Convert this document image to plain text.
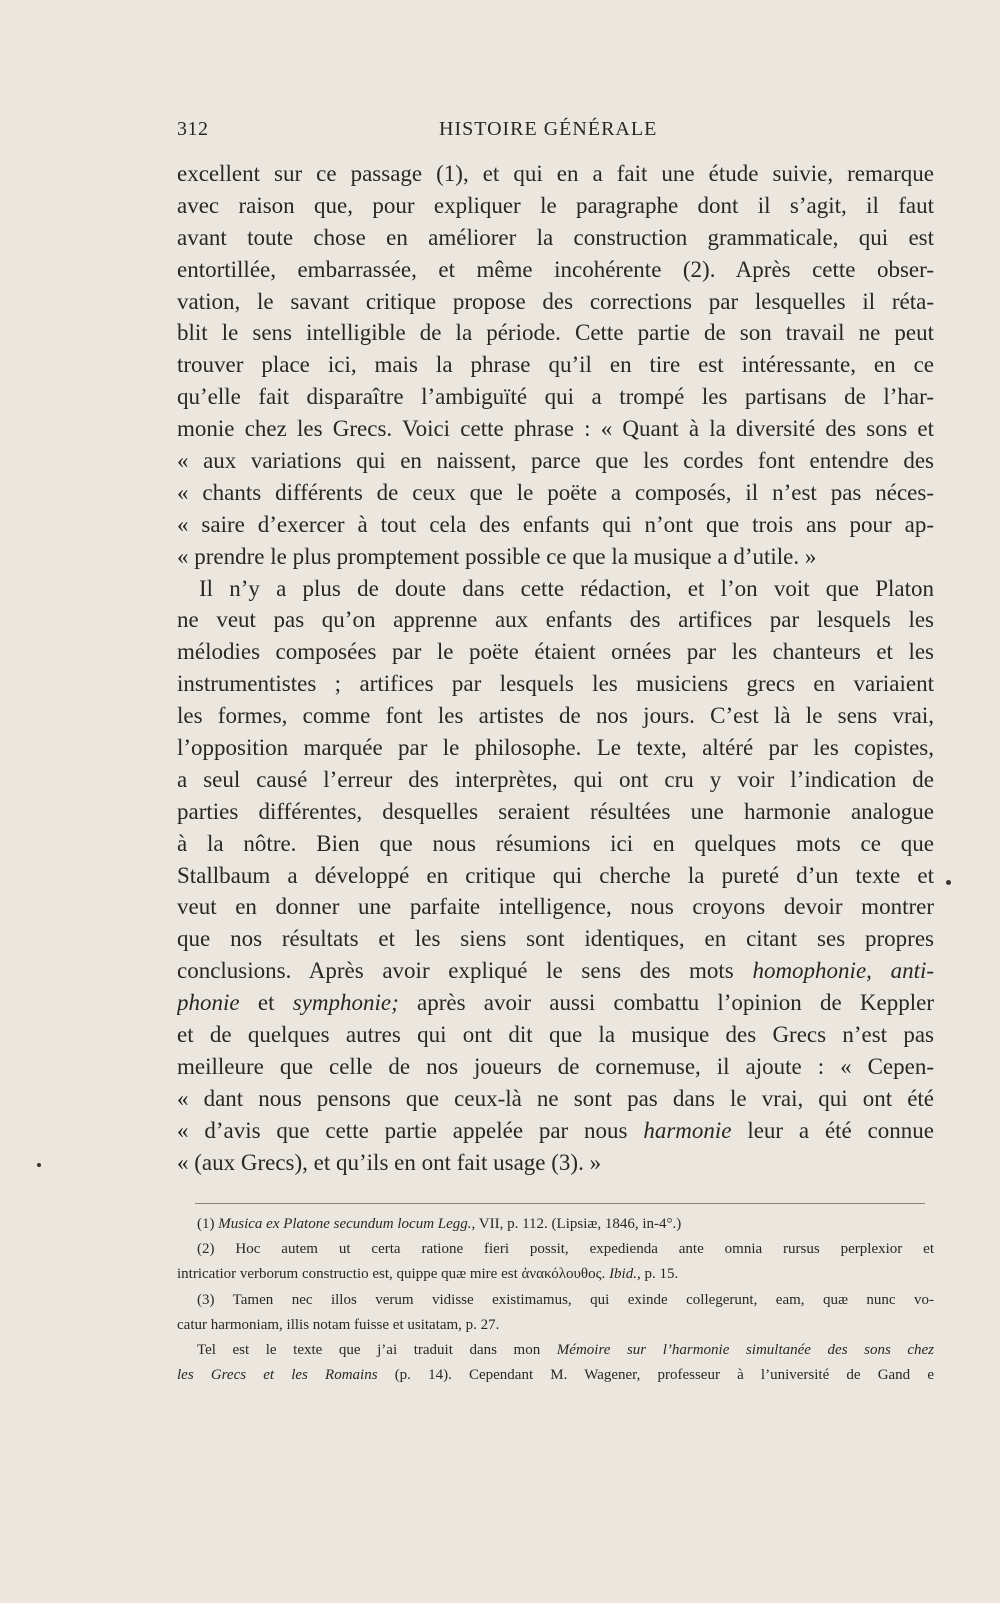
312	HISTOIRE GÉNÉRALE
excellent sur ce passage (1), et qui en a fait une étude suivie, remarque
avec raison que, pour expliquer le paragraphe dont il s’agit, il faut
avant toute chose en améliorer la construction grammaticale, qui est
entortillée, embarrassée, et même incohérente (2). Après cette obser-
vation, le savant critique propose des corrections par lesquelles il réta-
blit le sens intelligible de la période. Cette partie de son travail ne peut
trouver place ici, mais la phrase qu’il en tire est intéressante, en ce
qu’elle fait disparaître l’ambiguïté qui a trompé les partisans de l’har-
monie chez les Grecs. Voici cette phrase : « Quant à la diversité des sons et
« aux variations qui en naissent, parce que les cordes font entendre des
« chants différents de ceux que le poëte a composés, il n’est pas néces-
« saire d’exercer à tout cela des enfants qui n’ont que trois ans pour ap-
« prendre le plus promptement possible ce que la musique a d’utile. »
Il n’y a plus de doute dans cette rédaction, et l’on voit que Platon
ne veut pas qu’on apprenne aux enfants des artifices par lesquels les
mélodies composées par le poëte étaient ornées par les chanteurs et les
instrumentistes ; artifices par lesquels les musiciens grecs en variaient
les formes, comme font les artistes de nos jours. C’est là le sens vrai,
l’opposition marquée par le philosophe. Le texte, altéré par les copistes,
a seul causé l’erreur des interprètes, qui ont cru y voir l’indication de
parties différentes, desquelles seraient résultées une harmonie analogue
à la nôtre. Bien que nous résumions ici en quelques mots ce que
Stallbaum a développé en critique qui cherche la pureté d’un texte et
veut en donner une parfaite intelligence, nous croyons devoir montrer
que nos résultats et les siens sont identiques, en citant ses propres
conclusions. Après avoir expliqué le sens des mots homophonie, anti-
phonie et symphonie; après avoir aussi combattu l’opinion de Keppler
et de quelques autres qui ont dit que la musique des Grecs n’est pas
meilleure que celle de nos joueurs de cornemuse, il ajoute : « Cepen-
« dant nous pensons que ceux-là ne sont pas dans le vrai, qui ont été
« d’avis que cette partie appelée par nous harmonie leur a été connue
« (aux Grecs), et qu’ils en ont fait usage (3). »
(1) Musica ex Platone secundum locum Legg., VII, p. 112. (Lipsiæ, 1846, in-4°.)
(2) Hoc autem ut certa ratione fieri possit, expedienda ante omnia rursus perplexior et
intricatior verborum constructio est, quippe quæ mire est ἀνακόλουθος. Ibid., p. 15.
(3) Tamen nec illos verum vidisse existimamus, qui exinde collegerunt, eam, quæ nunc vo-
catur harmoniam, illis notam fuisse et usitatam, p. 27.
Tel est le texte que j’ai traduit dans mon Mémoire sur l’harmonie simultanée des sons chez
les Grecs et les Romains (p. 14). Cependant M. Wagener, professeur à l’université de Gand e
